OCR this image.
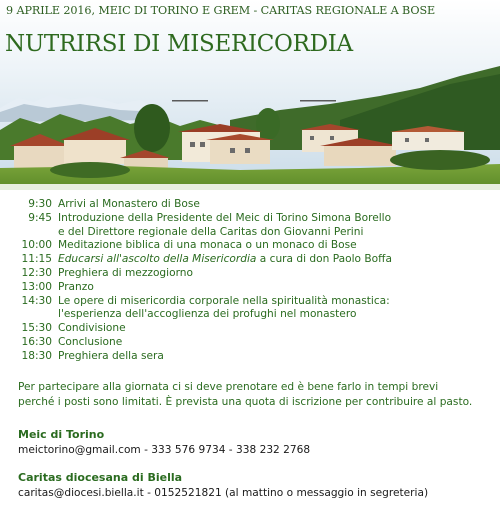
9 APRILE 2016, MEIC DI TORINO E GREM - CARITAS REGIONALE A BOSE
NUTRIRSI DI MISERICORDIA
9:30 Arrivi al Monastero di Bose
9:45 Introduzione della Presidente del Meic di Torino Simona Borello
e del Direttore regionale della Caritas don Giovanni Perini
10:00 Meditazione biblica di una monaca o un monaco di Bose
11:15 Educarsi all'ascolto della Misericordia a cura di don Paolo Boffa
12:30 Preghiera di mezzogiorno
13:00 Pranzo
14:30 Le opere di misericordia corporale nella spiritualità monastica:
l'esperienza dell'accoglienza dei profughi nel monastero
15:30 Condivisione
16:30 Conclusione
18:30 Preghiera della sera
Per partecipare alla giornata ci si deve prenotare ed è bene farlo in tempi brevi
perché i posti sono limitati. È prevista una quota di iscrizione per contribuire al pasto.
Meic di Torino
meictorino@gmail.com - 333 576 9734 - 338 232 2768
Caritas diocesana di Biella
caritas@diocesi.biella.it - 0152521821 (al mattino o messaggio in segreteria)
